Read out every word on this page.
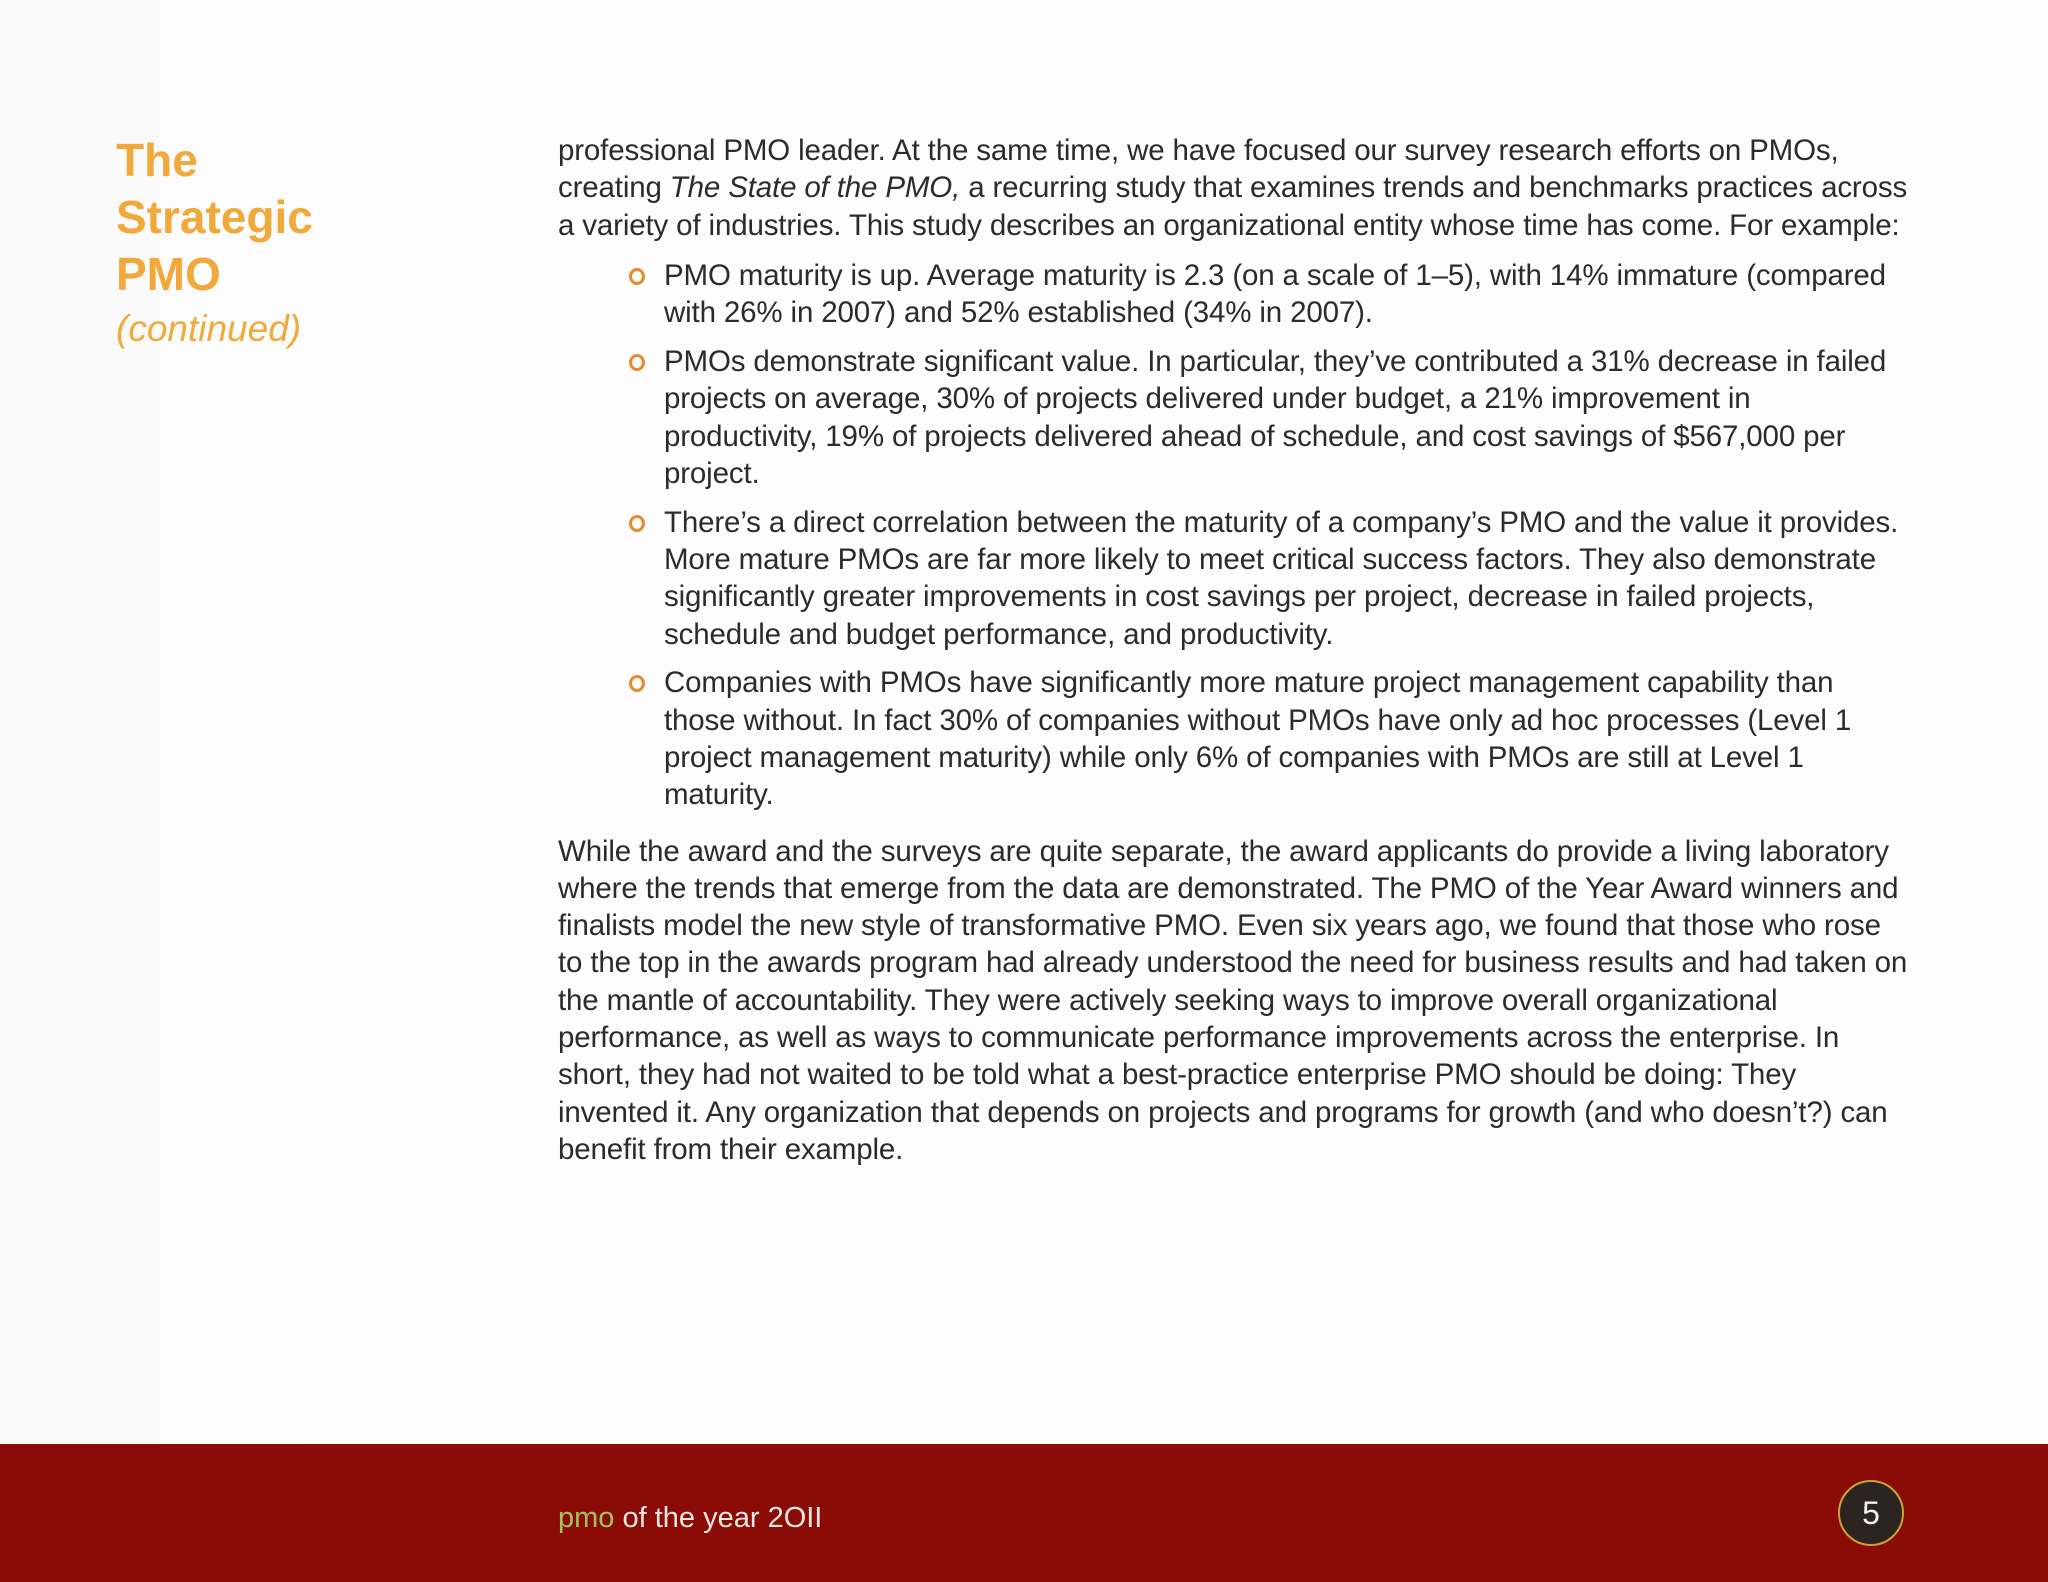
The
Strategic
PMO

(continued)

professional PMO leader. At the same time, we have focused our survey research efforts on PMOs, creating The State of the PMO, a recurring study that examines trends and benchmarks practices across a variety of industries. This study describes an organizational entity whose time has come. For example:

PMO maturity is up. Average maturity is 2.3 (on a scale of 1–5), with 14% immature (compared with 26% in 2007) and 52% established (34% in 2007).
PMOs demonstrate significant value. In particular, they’ve contributed a 31% decrease in failed projects on average, 30% of projects delivered under budget, a 21% improvement in productivity, 19% of projects delivered ahead of schedule, and cost savings of $567,000 per project.
There’s a direct correlation between the maturity of a company’s PMO and the value it provides. More mature PMOs are far more likely to meet critical success factors. They also demonstrate significantly greater improvements in cost savings per project, decrease in failed projects, schedule and budget performance, and productivity.
Companies with PMOs have significantly more mature project management capability than those without. In fact 30% of companies without PMOs have only ad hoc processes (Level 1 project management maturity) while only 6% of companies with PMOs are still at Level 1 maturity.

While the award and the surveys are quite separate, the award applicants do provide a living laboratory where the trends that emerge from the data are demonstrated. The PMO of the Year Award winners and finalists model the new style of transformative PMO. Even six years ago, we found that those who rose to the top in the awards program had already understood the need for business results and had taken on the mantle of accountability. They were actively seeking ways to improve overall organizational performance, as well as ways to communicate performance improvements across the enterprise. In short, they had not waited to be told what a best-practice enterprise PMO should be doing: They invented it. Any organization that depends on projects and programs for growth (and who doesn’t?) can benefit from their example.

pmo of the year 2OII	5
